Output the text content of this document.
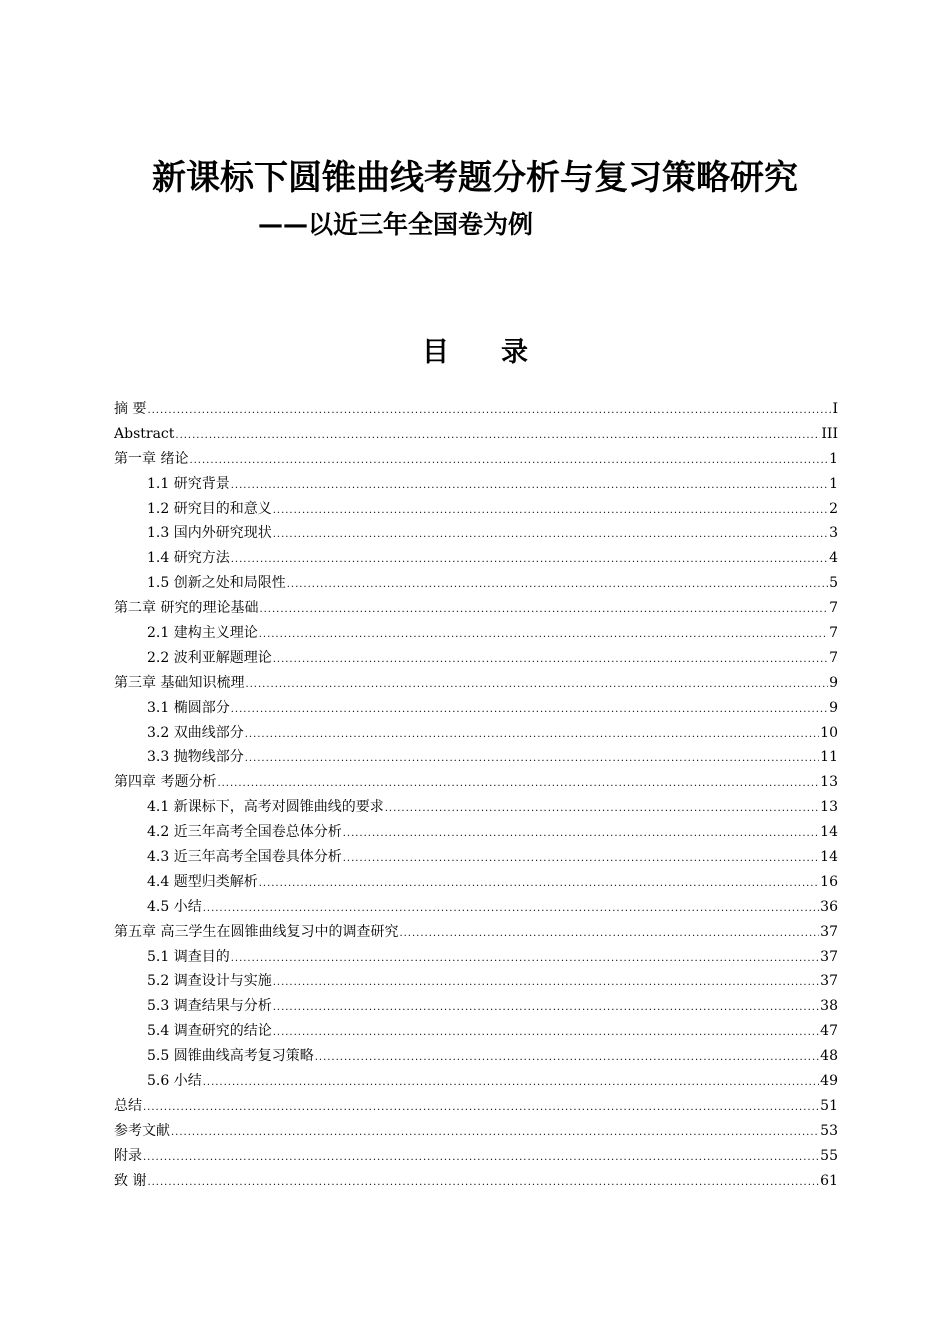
新课标下圆锥曲线考题分析与复习策略研究
——以近三年全国卷为例
目 录
摘 要 .....	I
Abstract .....	III
第一章 绪论 .....	1
1.1 研究背景 .....	1
1.2 研究目的和意义 .....	2
1.3 国内外研究现状 .....	3
1.4 研究方法 .....	4
1.5 创新之处和局限性 .....	5
第二章 研究的理论基础 .....	7
2.1 建构主义理论 .....	7
2.2 波利亚解题理论 .....	7
第三章 基础知识梳理 .....	9
3.1 椭圆部分 .....	9
3.2 双曲线部分 .....	10
3.3 抛物线部分 .....	11
第四章 考题分析 .....	13
4.1 新课标下，高考对圆锥曲线的要求 .....	13
4.2 近三年高考全国卷总体分析 .....	14
4.3 近三年高考全国卷具体分析 .....	14
4.4 题型归类解析 .....	16
4.5 小结 .....	36
第五章 高三学生在圆锥曲线复习中的调查研究 .....	37
5.1 调查目的 .....	37
5.2 调查设计与实施 .....	37
5.3 调查结果与分析 .....	38
5.4 调查研究的结论 .....	47
5.5 圆锥曲线高考复习策略 .....	48
5.6 小结 .....	49
总结 .....	51
参考文献 .....	53
附录 .....	55
致 谢 .....	61
